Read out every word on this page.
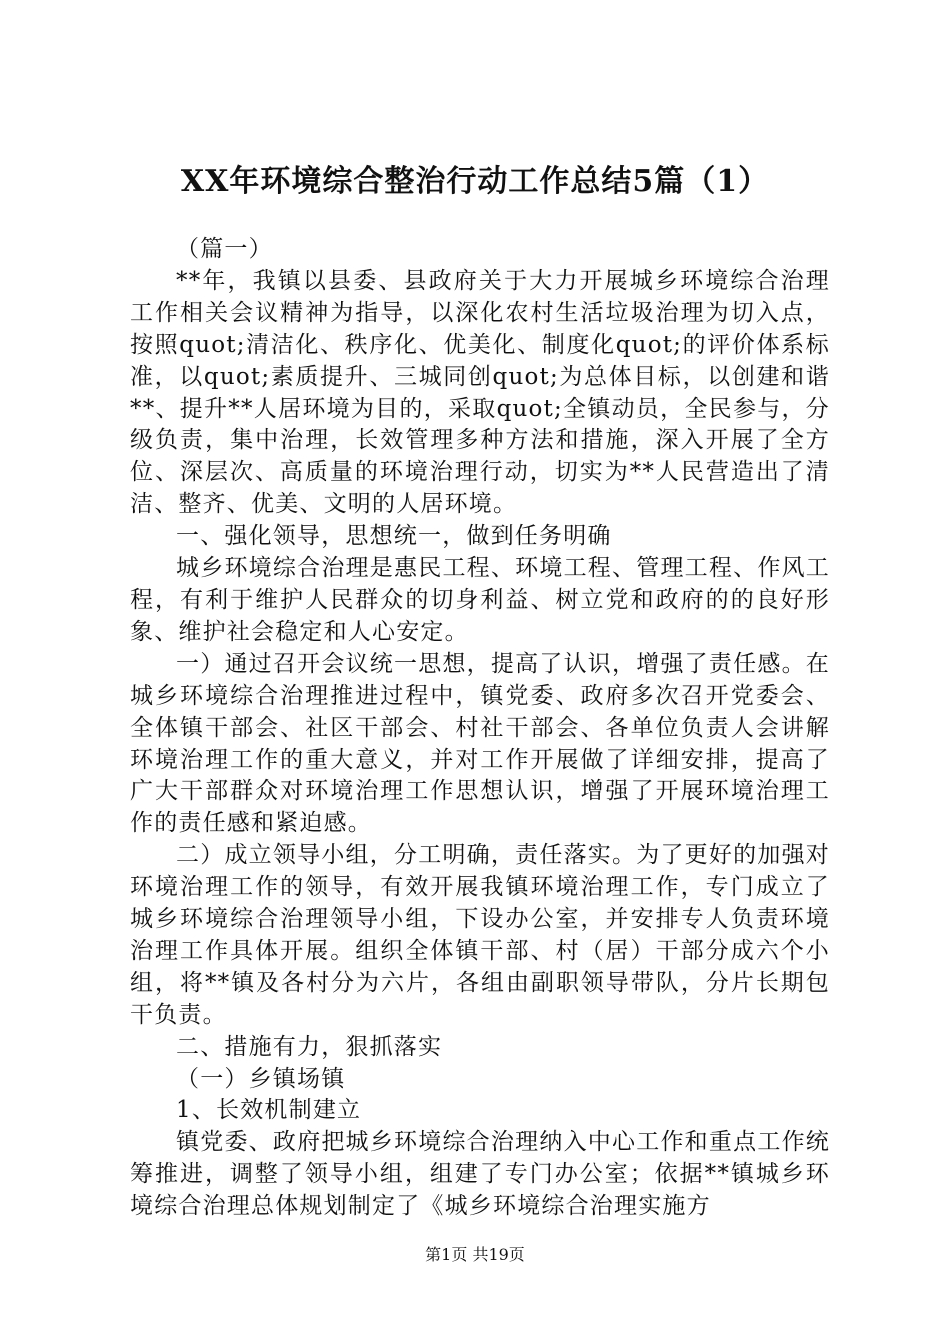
XX年环境综合整治行动工作总结5篇（1）

（篇一）

**年，我镇以县委、县政府关于大力开展城乡环境综合治理工作相关会议精神为指导，以深化农村生活垃圾治理为切入点，按照quot;清洁化、秩序化、优美化、制度化quot;的评价体系标准，以quot;素质提升、三城同创quot;为总体目标，以创建和谐**、提升**人居环境为目的，采取quot;全镇动员，全民参与，分级负责，集中治理，长效管理多种方法和措施，深入开展了全方位、深层次、高质量的环境治理行动，切实为**人民营造出了清洁、整齐、优美、文明的人居环境。

一、强化领导，思想统一，做到任务明确

城乡环境综合治理是惠民工程、环境工程、管理工程、作风工程，有利于维护人民群众的切身利益、树立党和政府的的良好形象、维护社会稳定和人心安定。

一）通过召开会议统一思想，提高了认识，增强了责任感。在城乡环境综合治理推进过程中，镇党委、政府多次召开党委会、全体镇干部会、社区干部会、村社干部会、各单位负责人会讲解环境治理工作的重大意义，并对工作开展做了详细安排，提高了广大干部群众对环境治理工作思想认识，增强了开展环境治理工作的责任感和紧迫感。

二）成立领导小组，分工明确，责任落实。为了更好的加强对环境治理工作的领导，有效开展我镇环境治理工作，专门成立了城乡环境综合治理领导小组，下设办公室，并安排专人负责环境治理工作具体开展。组织全体镇干部、村（居）干部分成六个小组，将**镇及各村分为六片，各组由副职领导带队，分片长期包干负责。

二、措施有力，狠抓落实

（一）乡镇场镇

1、长效机制建立

镇党委、政府把城乡环境综合治理纳入中心工作和重点工作统筹推进，调整了领导小组，组建了专门办公室；依据**镇城乡环境综合治理总体规划制定了《城乡环境综合治理实施方

第1页 共19页
